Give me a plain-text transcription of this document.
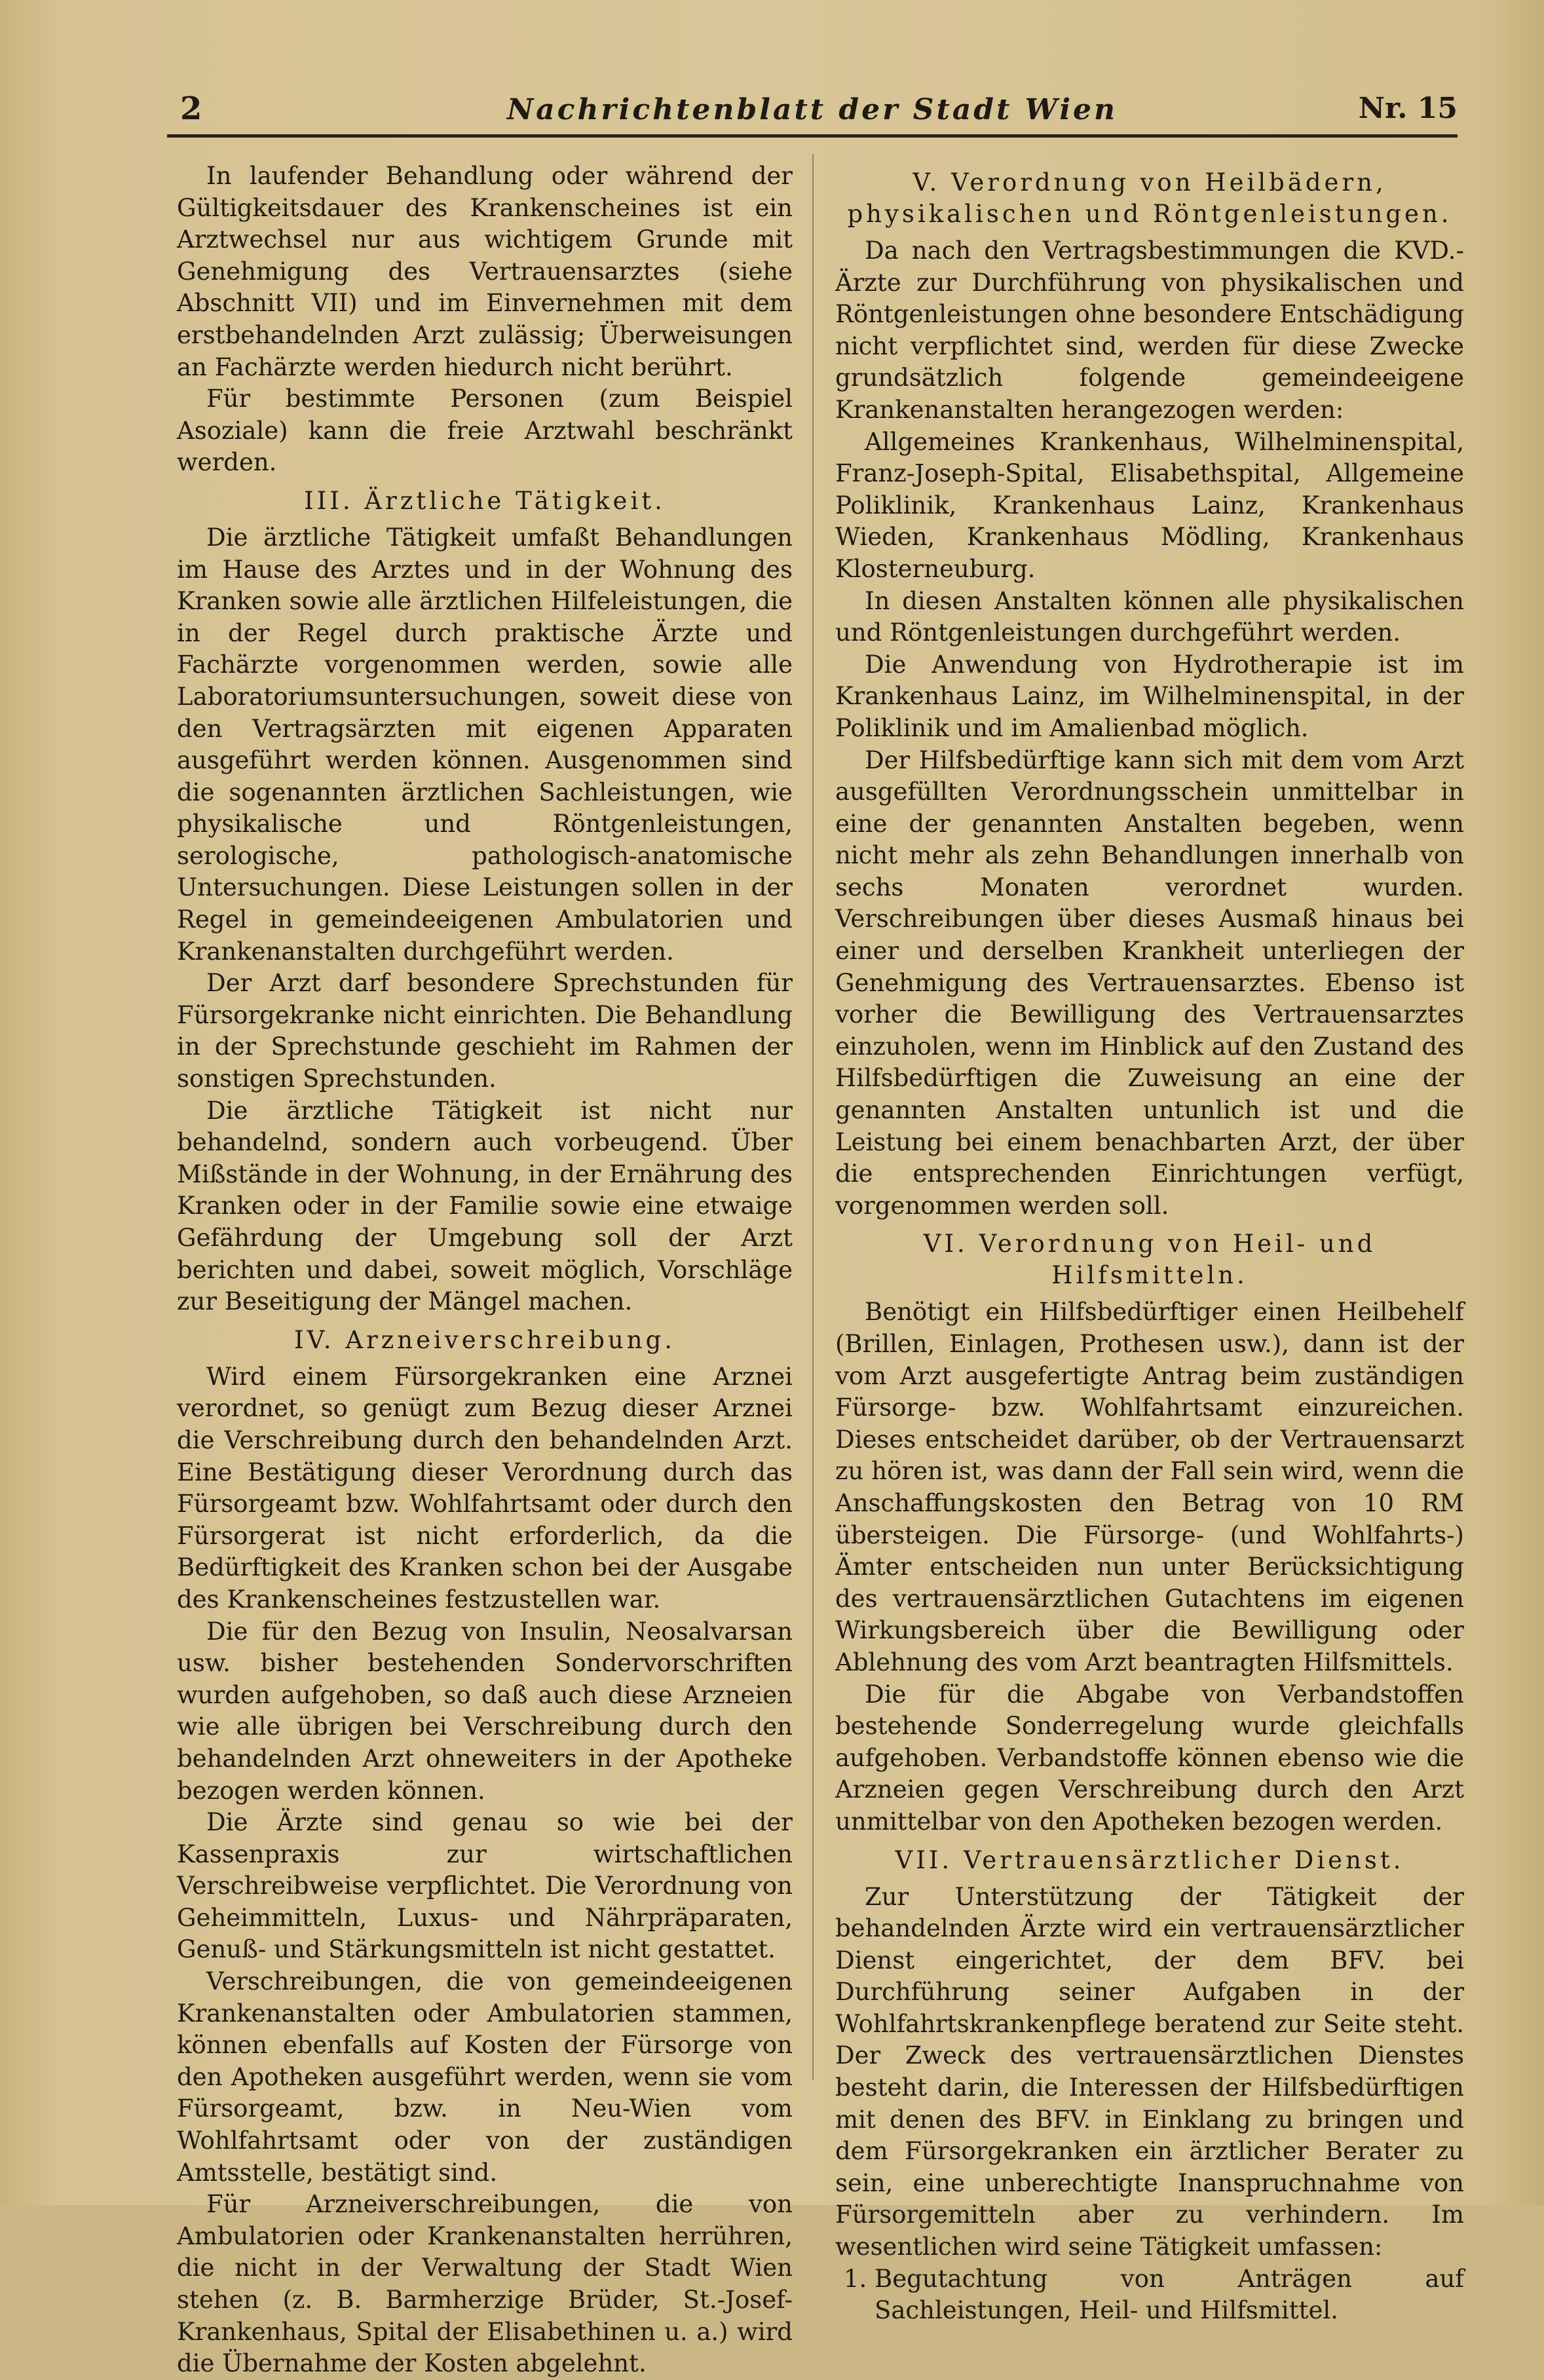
2	Nachrichtenblatt der Stadt Wien	Nr. 15

In laufender Behandlung oder während der Gültigkeitsdauer des Krankenscheines ist ein Arztwechsel nur aus wichtigem Grunde mit Genehmigung des Vertrauensarztes (siehe Abschnitt VII) und im Einvernehmen mit dem erstbehandelnden Arzt zulässig; Überweisungen an Fachärzte werden hiedurch nicht berührt.

Für bestimmte Personen (zum Beispiel Asoziale) kann die freie Arztwahl beschränkt werden.

III. Ärztliche Tätigkeit.

Die ärztliche Tätigkeit umfaßt Behandlungen im Hause des Arztes und in der Wohnung des Kranken sowie alle ärztlichen Hilfeleistungen, die in der Regel durch praktische Ärzte und Fachärzte vorgenommen werden, sowie alle Laboratoriumsuntersuchungen, soweit diese von den Vertragsärzten mit eigenen Apparaten ausgeführt werden können. Ausgenommen sind die sogenannten ärztlichen Sachleistungen, wie physikalische und Röntgenleistungen, serologische, pathologisch-anatomische Untersuchungen. Diese Leistungen sollen in der Regel in gemeindeeigenen Ambulatorien und Krankenanstalten durchgeführt werden.

Der Arzt darf besondere Sprechstunden für Fürsorgekranke nicht einrichten. Die Behandlung in der Sprechstunde geschieht im Rahmen der sonstigen Sprechstunden.

Die ärztliche Tätigkeit ist nicht nur behandelnd, sondern auch vorbeugend. Über Mißstände in der Wohnung, in der Ernährung des Kranken oder in der Familie sowie eine etwaige Gefährdung der Umgebung soll der Arzt berichten und dabei, soweit möglich, Vorschläge zur Beseitigung der Mängel machen.

IV. Arzneiverschreibung.

Wird einem Fürsorgekranken eine Arznei verordnet, so genügt zum Bezug dieser Arznei die Verschreibung durch den behandelnden Arzt. Eine Bestätigung dieser Verordnung durch das Fürsorgeamt bzw. Wohlfahrtsamt oder durch den Fürsorgerat ist nicht erforderlich, da die Bedürftigkeit des Kranken schon bei der Ausgabe des Krankenscheines festzustellen war.

Die für den Bezug von Insulin, Neosalvarsan usw. bisher bestehenden Sondervorschriften wurden aufgehoben, so daß auch diese Arzneien wie alle übrigen bei Verschreibung durch den behandelnden Arzt ohneweiters in der Apotheke bezogen werden können.

Die Ärzte sind genau so wie bei der Kassenpraxis zur wirtschaftlichen Verschreibweise verpflichtet. Die Verordnung von Geheimmitteln, Luxus- und Nährpräparaten, Genuß- und Stärkungsmitteln ist nicht gestattet.

Verschreibungen, die von gemeindeeigenen Krankenanstalten oder Ambulatorien stammen, können ebenfalls auf Kosten der Fürsorge von den Apotheken ausgeführt werden, wenn sie vom Fürsorgeamt, bzw. in Neu-Wien vom Wohlfahrtsamt oder von der zuständigen Amtsstelle, bestätigt sind.

Für Arzneiverschreibungen, die von Ambulatorien oder Krankenanstalten herrühren, die nicht in der Verwaltung der Stadt Wien stehen (z. B. Barmherzige Brüder, St.-Josef-Krankenhaus, Spital der Elisabethinen u. a.) wird die Übernahme der Kosten abgelehnt.

V. Verordnung von Heilbädern, physikalischen und Röntgenleistungen.

Da nach den Vertragsbestimmungen die KVD.-Ärzte zur Durchführung von physikalischen und Röntgenleistungen ohne besondere Entschädigung nicht verpflichtet sind, werden für diese Zwecke grundsätzlich folgende gemeindeeigene Krankenanstalten herangezogen werden:

Allgemeines Krankenhaus, Wilhelminenspital, Franz-Joseph-Spital, Elisabethspital, Allgemeine Poliklinik, Krankenhaus Lainz, Krankenhaus Wieden, Krankenhaus Mödling, Krankenhaus Klosterneuburg.

In diesen Anstalten können alle physikalischen und Röntgenleistungen durchgeführt werden.

Die Anwendung von Hydrotherapie ist im Krankenhaus Lainz, im Wilhelminenspital, in der Poliklinik und im Amalienbad möglich.

Der Hilfsbedürftige kann sich mit dem vom Arzt ausgefüllten Verordnungsschein unmittelbar in eine der genannten Anstalten begeben, wenn nicht mehr als zehn Behandlungen innerhalb von sechs Monaten verordnet wurden. Verschreibungen über dieses Ausmaß hinaus bei einer und derselben Krankheit unterliegen der Genehmigung des Vertrauensarztes. Ebenso ist vorher die Bewilligung des Vertrauensarztes einzuholen, wenn im Hinblick auf den Zustand des Hilfsbedürftigen die Zuweisung an eine der genannten Anstalten untunlich ist und die Leistung bei einem benachbarten Arzt, der über die entsprechenden Einrichtungen verfügt, vorgenommen werden soll.

VI. Verordnung von Heil- und Hilfsmitteln.

Benötigt ein Hilfsbedürftiger einen Heilbehelf (Brillen, Einlagen, Prothesen usw.), dann ist der vom Arzt ausgefertigte Antrag beim zuständigen Fürsorge- bzw. Wohlfahrtsamt einzureichen. Dieses entscheidet darüber, ob der Vertrauensarzt zu hören ist, was dann der Fall sein wird, wenn die Anschaffungskosten den Betrag von 10 RM übersteigen. Die Fürsorge- (und Wohlfahrts-) Ämter entscheiden nun unter Berücksichtigung des vertrauensärztlichen Gutachtens im eigenen Wirkungsbereich über die Bewilligung oder Ablehnung des vom Arzt beantragten Hilfsmittels.

Die für die Abgabe von Verbandstoffen bestehende Sonderregelung wurde gleichfalls aufgehoben. Verbandstoffe können ebenso wie die Arzneien gegen Verschreibung durch den Arzt unmittelbar von den Apotheken bezogen werden.

VII. Vertrauensärztlicher Dienst.

Zur Unterstützung der Tätigkeit der behandelnden Ärzte wird ein vertrauensärztlicher Dienst eingerichtet, der dem BFV. bei Durchführung seiner Aufgaben in der Wohlfahrtskrankenpflege beratend zur Seite steht. Der Zweck des vertrauensärztlichen Dienstes besteht darin, die Interessen der Hilfsbedürftigen mit denen des BFV. in Einklang zu bringen und dem Fürsorgekranken ein ärztlicher Berater zu sein, eine unberechtigte Inanspruchnahme von Fürsorgemitteln aber zu verhindern. Im wesentlichen wird seine Tätigkeit umfassen:

1. Begutachtung von Anträgen auf Sachleistungen, Heil- und Hilfsmittel.
